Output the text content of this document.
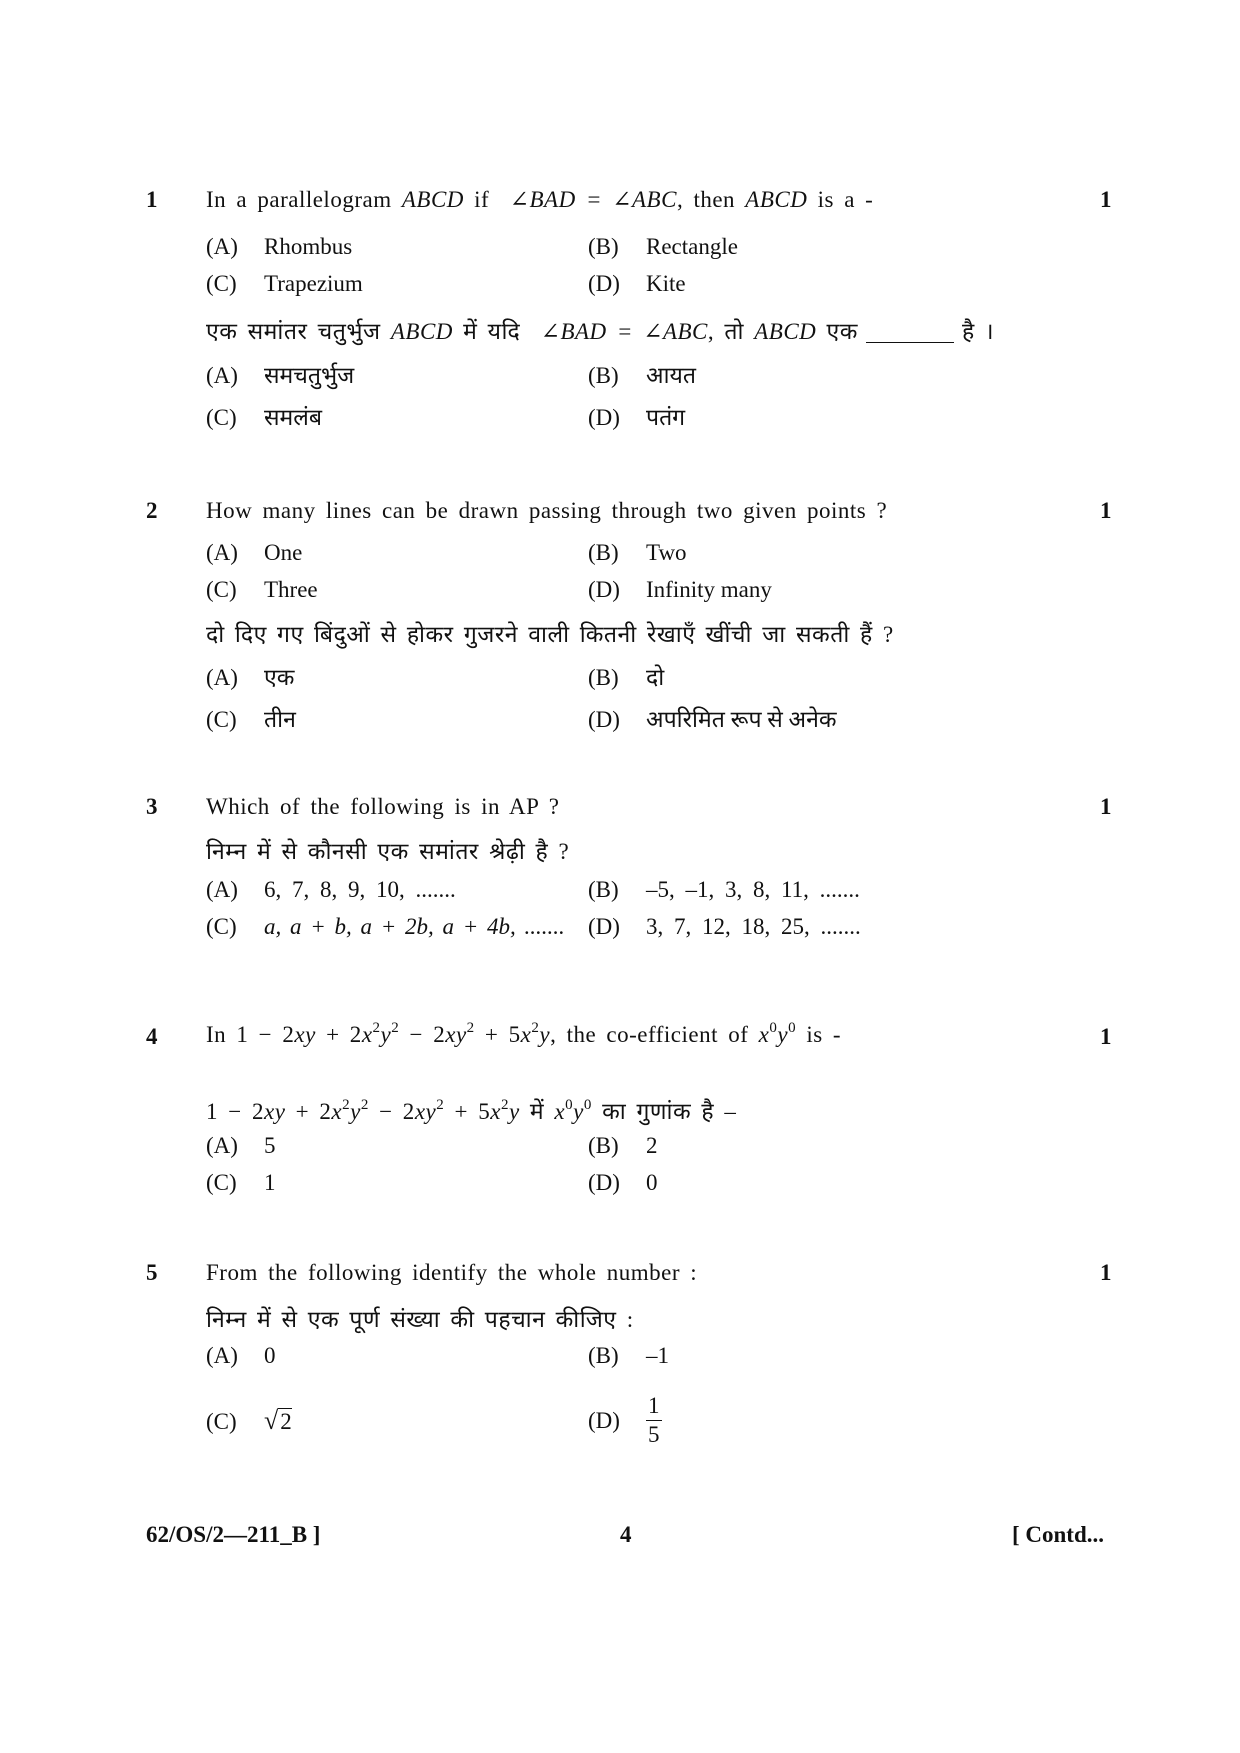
1	1
In a parallelogram ABCD if ∠BAD = ∠ABC, then ABCD is a -
(A) Rhombus	(B) Rectangle
(C) Trapezium	(D) Kite
एक समांतर चतुर्भुज ABCD में यदि ∠BAD = ∠ABC, तो ABCD एक	है ।
(A) समचतुर्भुज	(B) आयत
(C) समलंब	(D) पतंग
2	1
How many lines can be drawn passing through two given points ?
(A) One	(B) Two
(C) Three	(D) Infinity many
दो दिए गए बिंदुओं से होकर गुजरने वाली कितनी रेखाएँ खींची जा सकती हैं ?
(A) एक	(B) दो
(C) तीन	(D) अपरिमित रूप से अनेक
3	1
Which of the following is in AP ?
निम्न में से कौनसी एक समांतर श्रेढ़ी है ?
(A) 6, 7, 8, 9, 10, .......	(B) –5, –1, 3, 8, 11, .......
(C) a, a + b, a + 2b, a + 4b, ....... (D) 3, 7, 12, 18, 25, .......
4	1
In $1 - 2xy + 2x^2y^2 - 2xy^2 + 5x^2y$, the co-efficient of $x^0y^0$ is -
$1 - 2xy + 2x^2y^2 - 2xy^2 + 5x^2y$ में $x^0y^0$ का गुणांक है –
(A) 5	(B) 2
(C) 1	(D) 0
5	1
From the following identify the whole number :
निम्न में से एक पूर्ण संख्या की पहचान कीजिए :
(A) 0	(B) –1
(C) √2	$(D) \frac{1}{5}$
62/OS/2—211_B ]	4	[ Contd...
